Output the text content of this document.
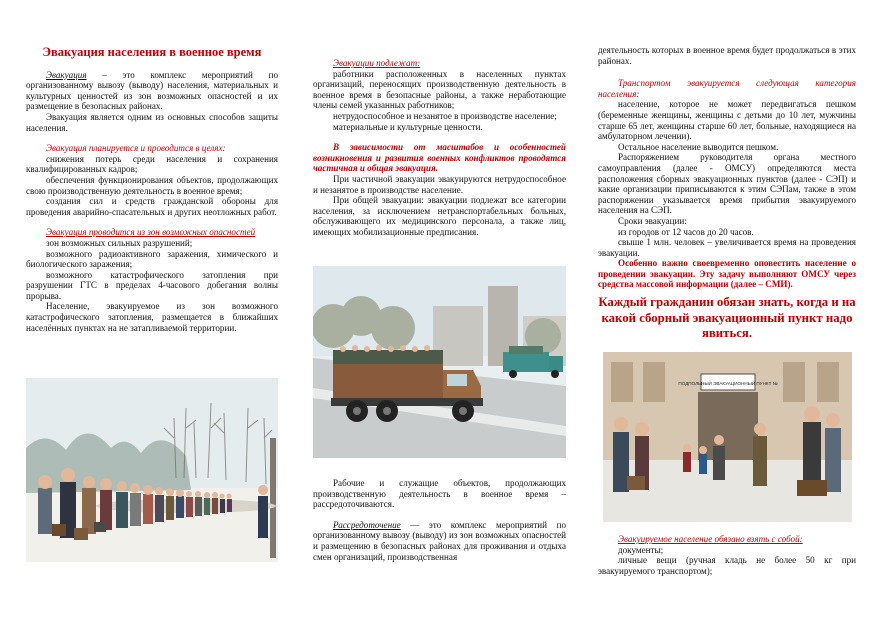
Эвакуация населения в военное время

Эвакуация – это комплекс мероприятий по организованному вывозу (выводу) населения, материальных и культурных ценностей из зон возможных опасностей и их размещение в безопасных районах.

Эвакуация является одним из основных способов защиты населения.

Эвакуация планируется и проводится в целях:

снижения потерь среди населения и сохранения квалифицированных кадров;

обеспечения функционирования объектов, продолжающих свою производственную деятельность в военное время;

создания сил и средств гражданской обороны для проведения аварийно-спасательных и других неотложных работ.

Эвакуация проводится из зон возможных опасностей

зон возможных сильных разрушений;

возможного радиоактивного заражения, химического и биологического заражения;

возможного катастрофического затопления при разрушении ГТС в пределах 4-часового добегания волны прорыва.

Население, эвакуируемое из зон возможного катастрофического затопления, размещается в ближайших населённых пунктах на не затапливаемой территории.

Эвакуации подлежат:

работники расположенных в населенных пунктах организаций, переносящих производственную деятельность в военное время в безопасные районы, а также неработающие члены семей указанных работников;

нетрудоспособное и незанятое в производстве население;

материальные и культурные ценности.

В зависимости от масштабов и особенностей возникновения и развития военных конфликтов проводятся частичная и общая эвакуация.

При частичной эвакуации эвакуируются нетрудоспособное и незанятое в производстве население.

При общей эвакуации: эвакуации подлежат все категории населения, за исключением нетранспортабельных больных, обслуживающего их медицинского персонала, а также лиц, имеющих мобилизационные предписания.

Рабочие и служащие объектов, продолжающих производственную деятельность в военное время – рассредоточиваются.

Рассредоточение — это комплекс мероприятий по организованному вывозу (выводу) из зон возможных опасностей и размещению в безопасных районах для проживания и отдыха смен организаций, производственная

деятельность которых в военное время будет продолжаться в этих районах.

Транспортом эвакуируется следующая категория населения:

население, которое не может передвигаться пешком (беременные женщины, женщины с детьми до 10 лет, мужчины старше 65 лет, женщины старше 60 лет, больные, находящиеся на амбулаторном лечении).

Остальное население выводится пешком.

Распоряжением руководителя органа местного самоуправления (далее - ОМСУ) определяются места расположения сборных эвакуационных пунктов (далее - СЭП) и какие организации приписываются к этим СЭПам, также в этом распоряжении указывается время прибытия эвакуируемого населения на СЭП.

Сроки эвакуации:

из городов от 12 часов до 20 часов.

свыше 1 млн. человек – увеличивается время на проведения эвакуации.

Особенно важно своевременно оповестить население о проведении эвакуации. Эту задачу выполняют ОМСУ через средства массовой информации (далее – СМИ).

Каждый гражданин обязан знать, когда и на какой сборный эвакуационный пункт надо явиться.

ПОДПОЛЬНЫЙ ЭВАКУАЦИОННЫЙ ПУНКТ №

Эвакуируемое население обязано взять с собой:

документы;

личные вещи (ручная кладь не более 50 кг при эвакуируемого транспортом);
